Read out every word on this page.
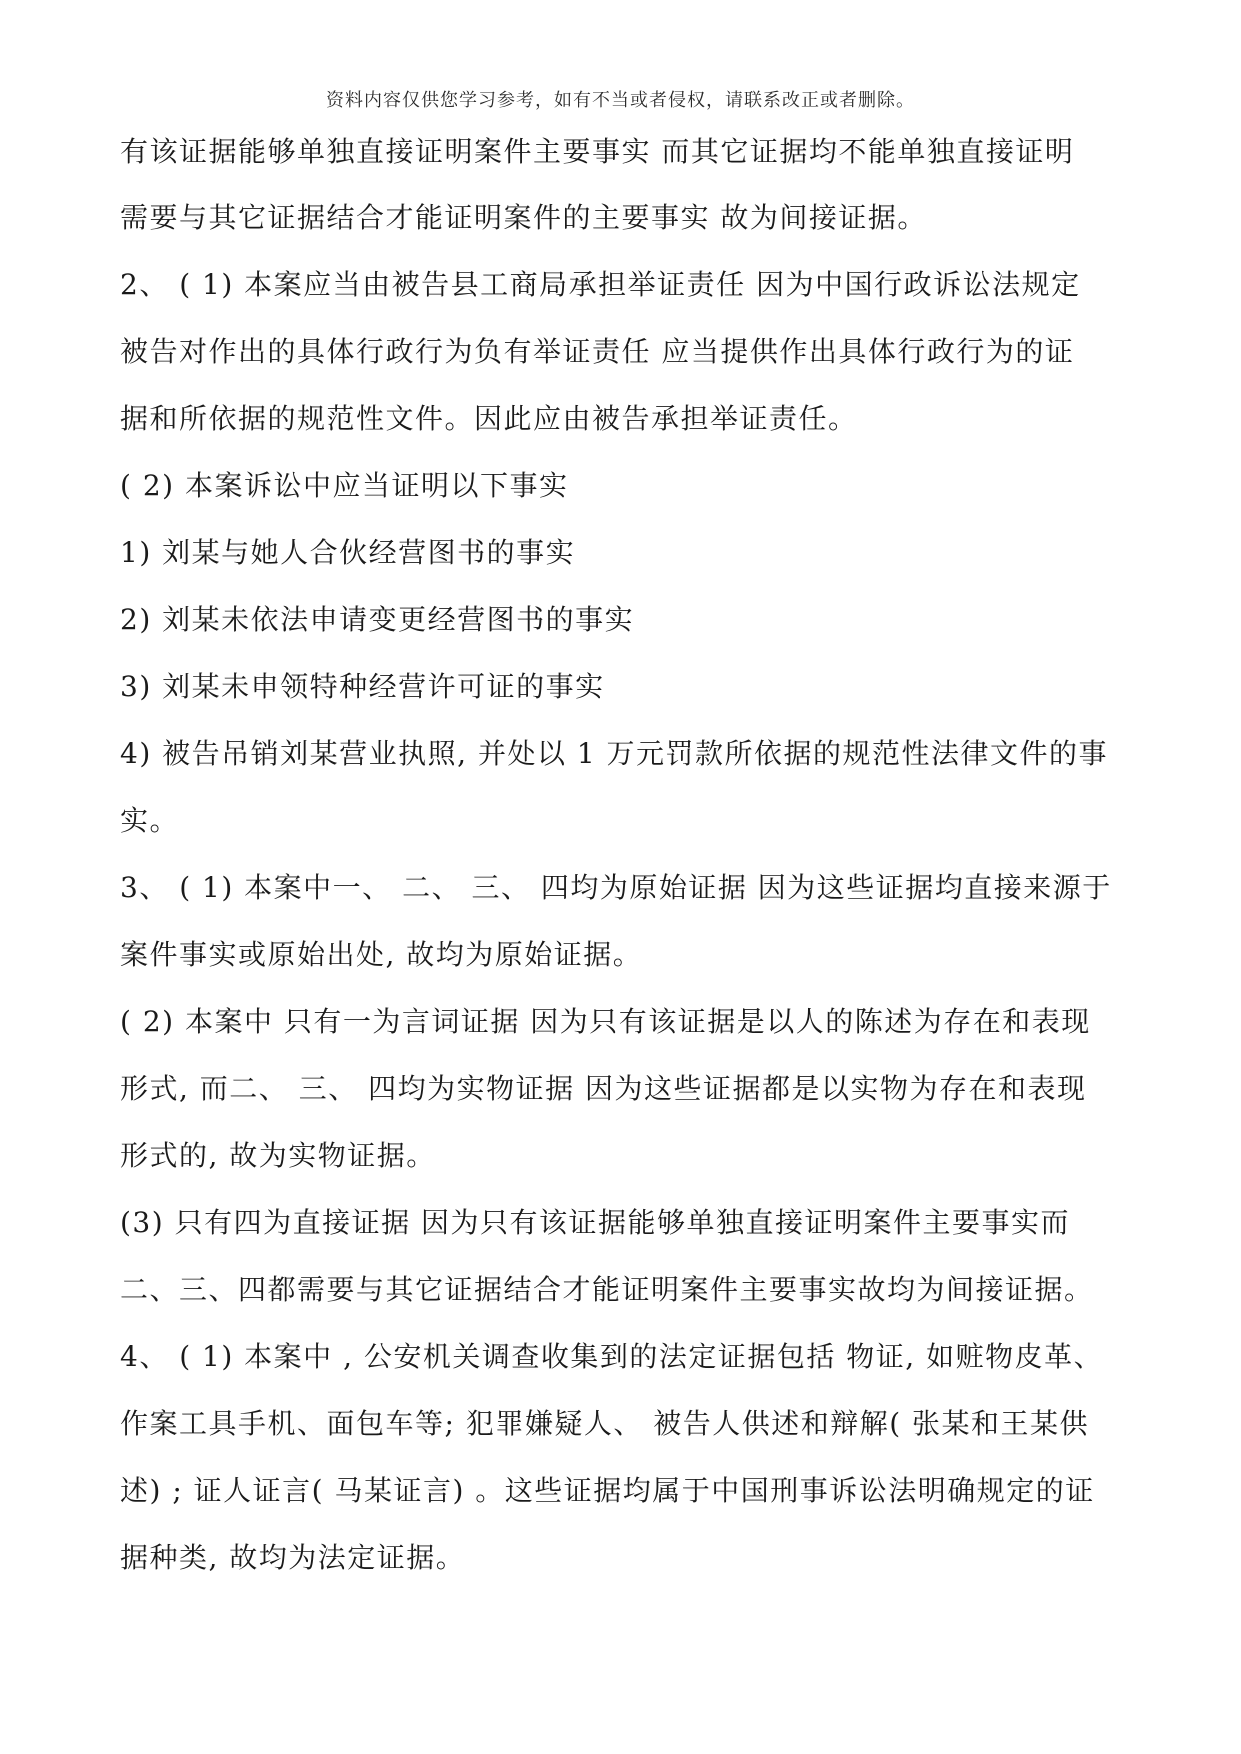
资料内容仅供您学习参考，如有不当或者侵权，请联系改正或者删除。
有该证据能够单独直接证明案件主要事实 而其它证据均不能单独直接证明
需要与其它证据结合才能证明案件的主要事实 故为间接证据。
2、 ( 1) 本案应当由被告县工商局承担举证责任 因为中国行政诉讼法规定
被告对作出的具体行政行为负有举证责任 应当提供作出具体行政行为的证
据和所依据的规范性文件。因此应由被告承担举证责任。
( 2) 本案诉讼中应当证明以下事实
1) 刘某与她人合伙经营图书的事实
2) 刘某未依法申请变更经营图书的事实
3) 刘某未申领特种经营许可证的事实
4) 被告吊销刘某营业执照, 并处以 1 万元罚款所依据的规范性法律文件的事
实。
3、 ( 1) 本案中一、 二、 三、 四均为原始证据 因为这些证据均直接来源于
案件事实或原始出处, 故均为原始证据。
( 2) 本案中 只有一为言词证据 因为只有该证据是以人的陈述为存在和表现
形式, 而二、 三、 四均为实物证据 因为这些证据都是以实物为存在和表现
形式的, 故为实物证据。
(3) 只有四为直接证据 因为只有该证据能够单独直接证明案件主要事实而
二、三、四都需要与其它证据结合才能证明案件主要事实故均为间接证据。
4、 ( 1) 本案中 , 公安机关调查收集到的法定证据包括 物证, 如赃物皮革、
作案工具手机、面包车等; 犯罪嫌疑人、 被告人供述和辩解( 张某和王某供
述) ; 证人证言( 马某证言) 。这些证据均属于中国刑事诉讼法明确规定的证
据种类, 故均为法定证据。
